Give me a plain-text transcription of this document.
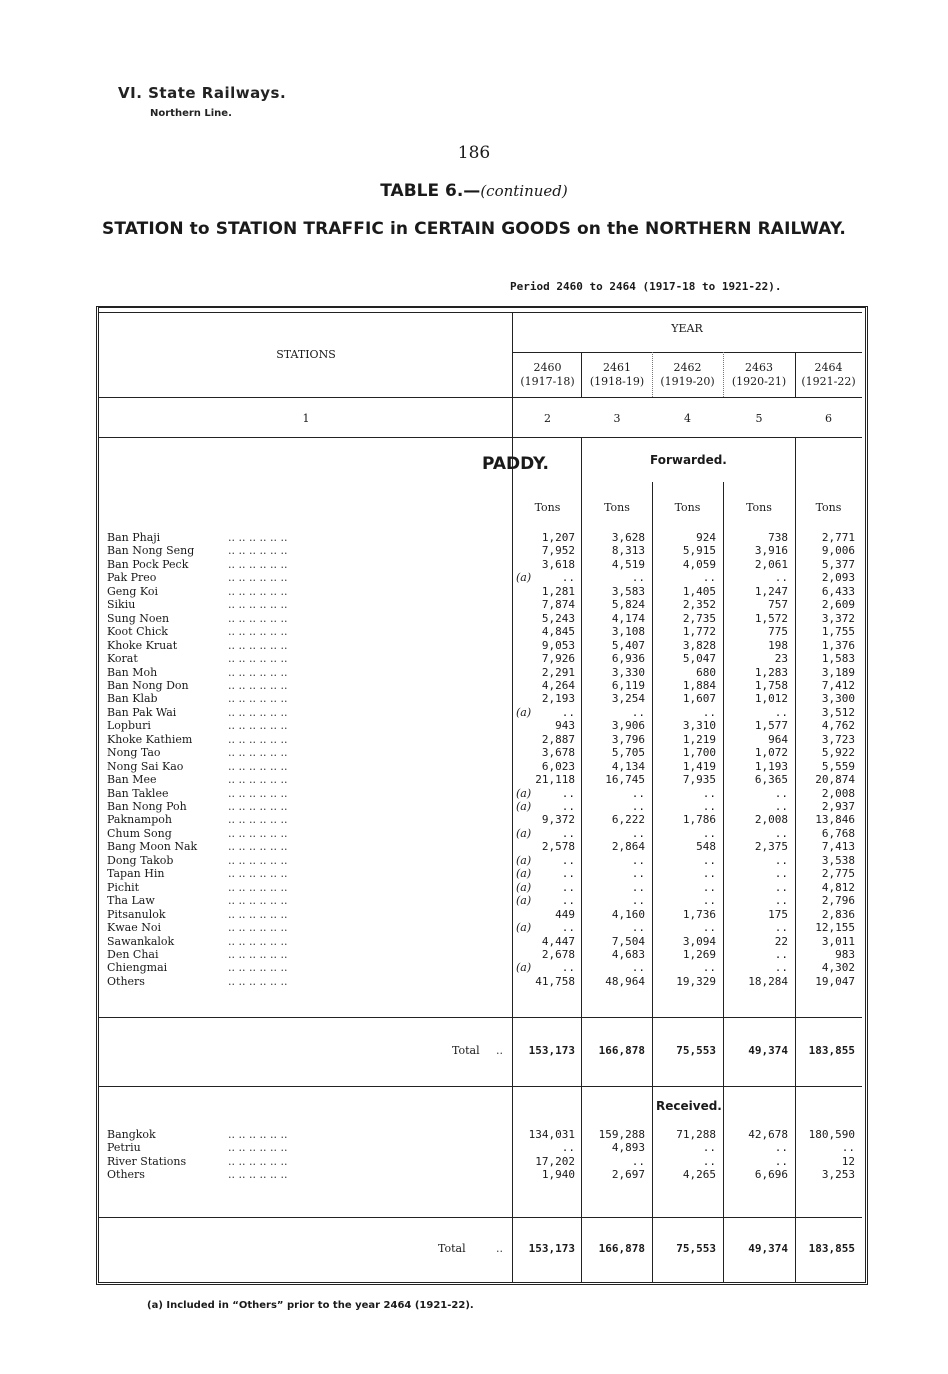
VI. State Railways.
Northern Line.
186
TABLE 6.—(continued)
STATION to STATION TRAFFIC in CERTAIN GOODS on the NORTHERN RAILWAY.
Period 2460 to 2464 (1917-18 to 1921-22).
STATIONS
YEAR
PADDY.	Forwarded.
Received.
2460
(1917-18)
2461
(1918-19)
2462
(1919-20)
2463
(1920-21)
2464
(1921-22)
1	2	3	4	5	6
Tons	Tons	Tons	Tons	Tons
Ban Phaji	.. .. .. .. .. ..	1,207	3,628	924	738	2,771
Ban Nong Seng	.. .. .. .. .. ..	7,952	8,313	5,915	3,916	9,006
Ban Pock Peck	.. .. .. .. .. ..	3,618	4,519	4,059	2,061	5,377
Pak Preo	.. .. .. .. .. ..	(a)	..	..	..	..	2,093
Geng Koi	.. .. .. .. .. ..	1,281	3,583	1,405	1,247	6,433
Sikiu	.. .. .. .. .. ..	7,874	5,824	2,352	757	2,609
Sung Noen	.. .. .. .. .. ..	5,243	4,174	2,735	1,572	3,372
Koot Chick	.. .. .. .. .. ..	4,845	3,108	1,772	775	1,755
Khoke Kruat	.. .. .. .. .. ..	9,053	5,407	3,828	198	1,376
Korat	.. .. .. .. .. ..	7,926	6,936	5,047	23	1,583
Ban Moh	.. .. .. .. .. ..	2,291	3,330	680	1,283	3,189
Ban Nong Don	.. .. .. .. .. ..	4,264	6,119	1,884	1,758	7,412
Ban Klab	.. .. .. .. .. ..	2,193	3,254	1,607	1,012	3,300
Ban Pak Wai	.. .. .. .. .. ..	(a)	..	..	..	..	3,512
Lopburi	.. .. .. .. .. ..	943	3,906	3,310	1,577	4,762
Khoke Kathiem	.. .. .. .. .. ..	2,887	3,796	1,219	964	3,723
Nong Tao	.. .. .. .. .. ..	3,678	5,705	1,700	1,072	5,922
Nong Sai Kao	.. .. .. .. .. ..	6,023	4,134	1,419	1,193	5,559
Ban Mee	.. .. .. .. .. ..	21,118	16,745	7,935	6,365	20,874
Ban Taklee	.. .. .. .. .. ..	(a)	..	..	..	..	2,008
Ban Nong Poh	.. .. .. .. .. ..	(a)	..	..	..	..	2,937
Paknampoh	.. .. .. .. .. ..	9,372	6,222	1,786	2,008	13,846
Chum Song	.. .. .. .. .. ..	(a)	..	..	..	..	6,768
Bang Moon Nak	.. .. .. .. .. ..	2,578	2,864	548	2,375	7,413
Dong Takob	.. .. .. .. .. ..	(a)	..	..	..	..	3,538
Tapan Hin	.. .. .. .. .. ..	(a)	..	..	..	..	2,775
Pichit	.. .. .. .. .. ..	(a)	..	..	..	..	4,812
Tha Law	.. .. .. .. .. ..	(a)	..	..	..	..	2,796
Pitsanulok	.. .. .. .. .. ..	449	4,160	1,736	175	2,836
Kwae Noi	.. .. .. .. .. ..	(a)	..	..	..	..	12,155
Sawankalok	.. .. .. .. .. ..	4,447	7,504	3,094	22	3,011
Den Chai	.. .. .. .. .. ..	2,678	4,683	1,269	..	983
Chiengmai	.. .. .. .. .. ..	(a)	..	..	..	..	4,302
Others	.. .. .. .. .. ..	41,758	48,964	19,329	18,284	19,047
Total ..	153,173	166,878	75,553	49,374	183,855
Bangkok	.. .. .. .. .. ..	134,031	159,288	71,288	42,678	180,590
Petriu	.. .. .. .. .. ..	..	4,893	..	..	..
River Stations	.. .. .. .. .. ..	17,202	..	..	..	12
Others	.. .. .. .. .. ..	1,940	2,697	4,265	6,696	3,253
Total	..	153,173	166,878	75,553	49,374	183,855
(a) Included in “Others” prior to the year 2464 (1921-22).
